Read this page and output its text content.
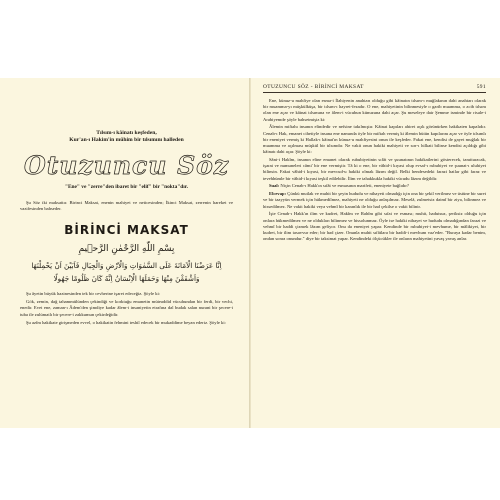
Tılsım-ı kâinatı keşfeden,

Kur'an-ı Hakim'in mühim bir tılsımını halleden

Otuzuncu Söz

"Ene" ve "zerre"den ibaret bir "elif" bir "nokta"dır.

Şu Söz iki maksattır. Birinci Maksat, enenin mahiyet ve neticesinden; İkinci Maksat, zerrenin hareket ve vazifesinden bahseder.

BİRİNCİ MAKSAT
بِسْمِ اللّٰهِ الرَّحْمٰنِ الرَّح۪يمِ
اِنَّا عَرَضْنَا الْاَمَانَةَ عَلَى السَّمٰوَاتِ وَالْاَرْضِ وَالْجِبَالِ فَاَبَيْنَ اَنْ يَحْمِلْنَهَا وَاَشْفَقْنَ مِنْهَا وَحَمَلَهَا الْاِنْسَانُ اِنَّهُ كَانَ ظَلُومًا جَهُولًا

Şu âyetin büyük hazinesinden tek bir cevherine işaret edeceğiz. Şöyle ki:

Gök, zemin, dağ tahammülünden çekindiği ve korktuğu emanetin müteaddid vücuhundan bir ferdi, bir vechi, enedir. Evet ene, zaman-ı Âdem'den şimdiye kadar âlem-i insaniyetin etrafına dal budak salan nurani bir şecere-i tuba ile zulümatlı bir şecere-i zakkumun çekirdeğidir.

Şu azîm hakikate girişmeden evvel, o hakikatin fehmini teshil edecek bir mukaddime beyan ederiz. Şöyle ki:

OTUZUNCU SÖZ - BİRİNCİ MAKSAT	591

Ene, künuz-u mahfiye olan esma-i İlahiyenin anahtarı olduğu gibi kâinatın tılsım-ı muğlakının dahi anahtarı olarak bir muamma-yı müşkülküşa, bir tılsım-ı hayret-fezadır. O ene, mahiyetinin bilinmesiyle o garib muamma, o acib tılsım olan ene açar ve kâinat tılsımına ve âlem-i vücubun künuzuna dahi açar. Şu meseleye dair Şemme isminde bir risale-i Arabiyemde şöyle bahsetmişiz ki:

Âlemin miftahı insanın elindedir ve nefsine takılmıştır. Kâinat kapıları ahiret açık görünürken hakikaten kapalıdır. Cenab-ı Hak, emanet cihetiyle insana ene namında öyle bir miftah vermiş ki âlemin bütün kapılarını açar ve öyle tılsımlı bir eneniyet vermiş ki Hallak-ı kâinat'ın künuz-u mahfiyesini onun ile keşfeder. Fakat ene, kendisi de gayet muğlak bir muamma ve açılması müşkül bir tılsımdır. Ne vakit onun hakiki mahiyeti ve sırr-ı hilkati bilinse kendisi açıldığı gibi kâinatı dahi açar. Şöyle ki:

Sâni-i Hakîm, insanın eline emanet olarak rububiyetinin sıfât ve şuunatının hakikatlerini gösterecek, tanıtturacak, işarat ve numuneleri câmi' bir ene vermiştir. Tâ ki o ene, bir vâhid-i kıyasi olup evsaf-ı rububiyet ve şuunat-ı uluhiyet bilinsin. Fakat vâhid-i kıyasi, bir mevcud-u hakiki olmak lâzım değil. Belki hendesedeki farazi hatlar gibi faraz ve tevehhümle bir vâhid-i kıyasi teşkil edilebilir. İlim ve tahakkukla hakiki vücudu lâzım değildir.

Sual: Niçin Cenab-ı Hakk'ın sıfât ve esmasının marifeti, eneniyete bağlıdır?

Elcevap: Çünkü mutlak ve muhit bir şeyin hududu ve nihayeti olmadığı için ona bir şekil verilmez ve üstüne bir suret ve bir taayyün vermek için hükmedilmez, mahiyeti ne olduğu anlaşılmaz. Meselâ, zulmetsiz daimî bir ziya, bilinmez ve hissedilmez. Ne vakit hakiki veya vehmî bir karanlık ile bir had çekilse o vakit bilinir.

İşte Cenab-ı Hakk'ın ilim ve kudret, Hakîm ve Rahîm gibi sıfat ve esması; muhit, hadutsuz, şeriksiz olduğu için onlara hükmedilmez ve ne oldukları bilinmez ve hissolunmaz. Öyle ise hakiki nihayet ve hududu olmadığından farazi ve vehmî bir haddi çizmek lâzım geliyor. Onu da eneniyet yapar. Kendinde bir rububiyet-i mevhume, bir mâlikiyet, bir kudret, bir ilim tasavvur eder; bir had çizer. Onunla muhit sıfâtlara bir haddi-i mevhum vaz'eder. "Buraya kadar benim, ondan sonra onundur." diye bir taksimat yapar. Kendindeki ölçücükler ile onların mahiyetini yavaş yavaş anlar.
